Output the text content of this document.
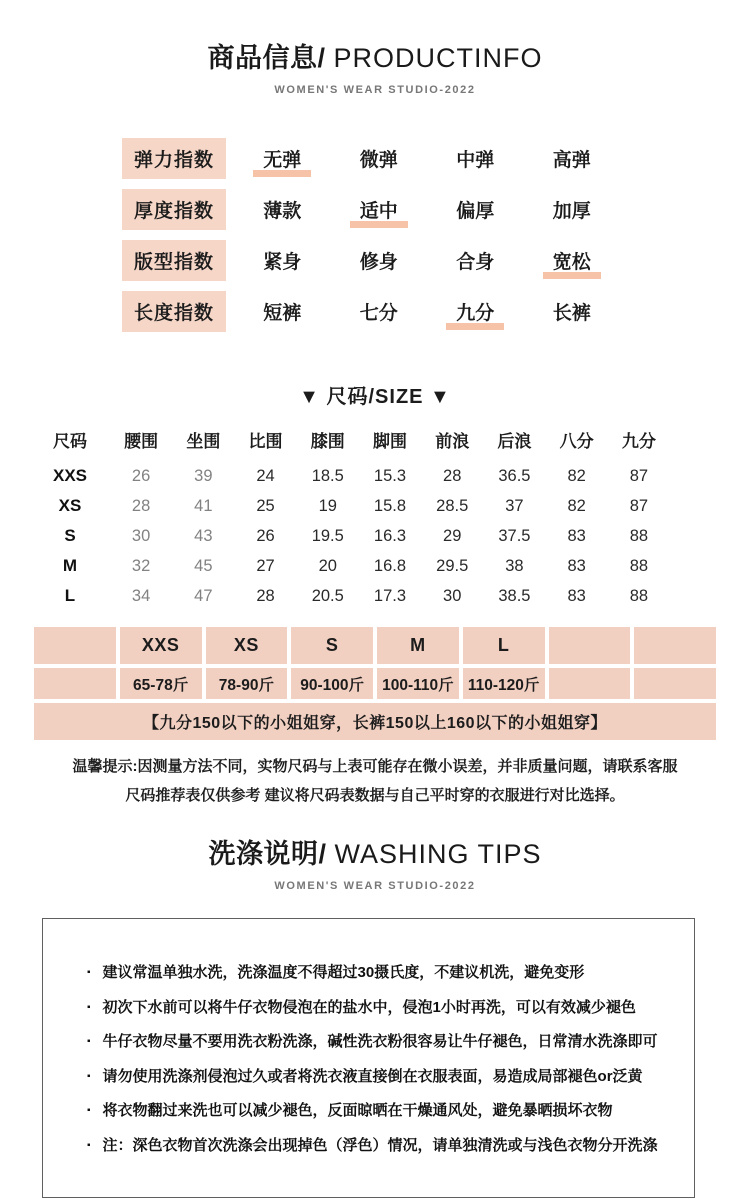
商品信息/ PRODUCTINFO
WOMEN'S WEAR STUDIO-2022
弹力指数	无弹	微弹	中弹	高弹
厚度指数	薄款	适中	偏厚	加厚
版型指数	紧身	修身	合身	宽松
长度指数	短裤	七分	九分	长裤
▼ 尺码/SIZE ▼
尺码	腰围	坐围	比围	膝围	脚围	前浪	后浪	八分	九分
XXS	26	39	24	18.5	15.3	28	36.5	82	87
XS	28	41	25	19	15.8	28.5	37	82	87
S	30	43	26	19.5	16.3	29	37.5	83	88
M	32	45	27	20	16.8	29.5	38	83	88
L	34	47	28	20.5	17.3	30	38.5	83	88
XXS	XS	S	M	L
65-78斤	78-90斤	90-100斤	100-110斤 110-120斤
【九分150以下的小姐姐穿，长裤150以上160以下的小姐姐穿】
温馨提示:因测量方法不同，实物尺码与上表可能存在微小误差，并非质量问题，请联系客服
尺码推荐表仅供参考 建议将尺码表数据与自己平时穿的衣服进行对比选择。
洗涤说明/ WASHING TIPS
WOMEN'S WEAR STUDIO-2022
▪ 建议常温单独水洗，洗涤温度不得超过30摄氏度，不建议机洗，避免变形
▪ 初次下水前可以将牛仔衣物侵泡在的盐水中，侵泡1小时再洗，可以有效减少褪色
▪ 牛仔衣物尽量不要用洗衣粉洗涤，碱性洗衣粉很容易让牛仔褪色，日常清水洗涤即可
▪ 请勿使用洗涤剂侵泡过久或者将洗衣液直接倒在衣服表面，易造成局部褪色or泛黄
▪ 将衣物翻过来洗也可以减少褪色，反面晾晒在干燥通风处，避免暴晒损坏衣物
▪ 注：深色衣物首次洗涤会出现掉色（浮色）情况，请单独清洗或与浅色衣物分开洗涤
